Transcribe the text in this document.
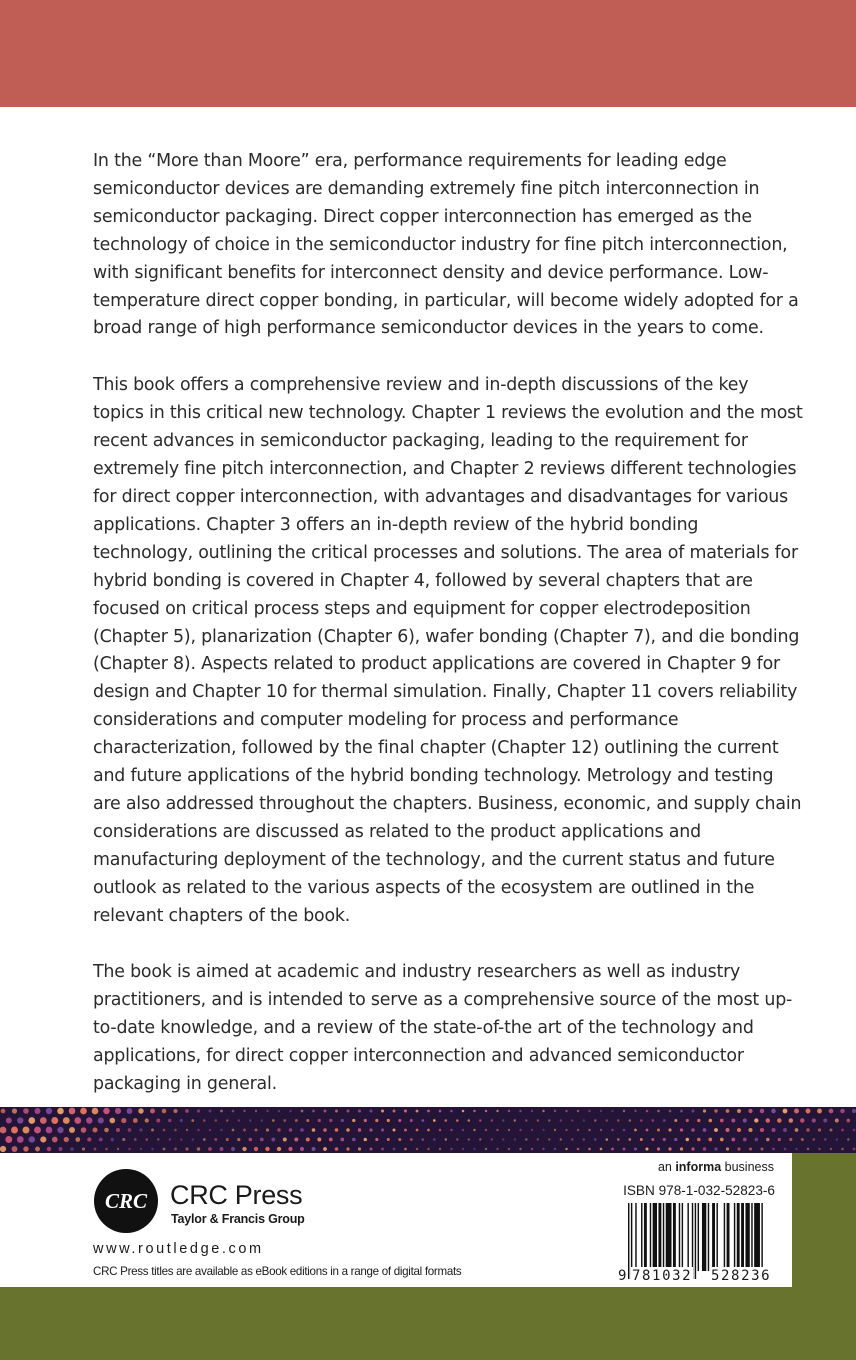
In the “More than Moore” era, performance requirements for leading edge semiconductor devices are demanding extremely fine pitch interconnection in semiconductor packaging. Direct copper interconnection has emerged as the technology of choice in the semiconductor industry for fine pitch interconnection, with significant benefits for interconnect density and device performance. Low-temperature direct copper bonding, in particular, will become widely adopted for a broad range of high performance semiconductor devices in the years to come.

This book offers a comprehensive review and in-depth discussions of the key topics in this critical new technology. Chapter 1 reviews the evolution and the most recent advances in semiconductor packaging, leading to the requirement for extremely fine pitch interconnection, and Chapter 2 reviews different technologies for direct copper interconnection, with advantages and disadvantages for various applications. Chapter 3 offers an in-depth review of the hybrid bonding technology, outlining the critical processes and solutions. The area of materials for hybrid bonding is covered in Chapter 4, followed by several chapters that are focused on critical process steps and equipment for copper electrodeposition (Chapter 5), planarization (Chapter 6), wafer bonding (Chapter 7), and die bonding (Chapter 8). Aspects related to product applications are covered in Chapter 9 for design and Chapter 10 for thermal simulation. Finally, Chapter 11 covers reliability considerations and computer modeling for process and performance characterization, followed by the final chapter (Chapter 12) outlining the current and future applications of the hybrid bonding technology. Metrology and testing are also addressed throughout the chapters. Business, economic, and supply chain considerations are discussed as related to the product applications and manufacturing deployment of the technology, and the current status and future outlook as related to the various aspects of the ecosystem are outlined in the relevant chapters of the book.

The book is aimed at academic and industry researchers as well as industry practitioners, and is intended to serve as a comprehensive source of the most up-to-date knowledge, and a review of the state-of-the art of the technology and applications, for direct copper interconnection and advanced semiconductor packaging in general.

CRC CRC Press
Taylor & Francis Group
www.routledge.com
CRC Press titles are available as eBook editions in a range of digital formats
an informa business
ISBN 978-1-032-52823-6
9 781032 528236
